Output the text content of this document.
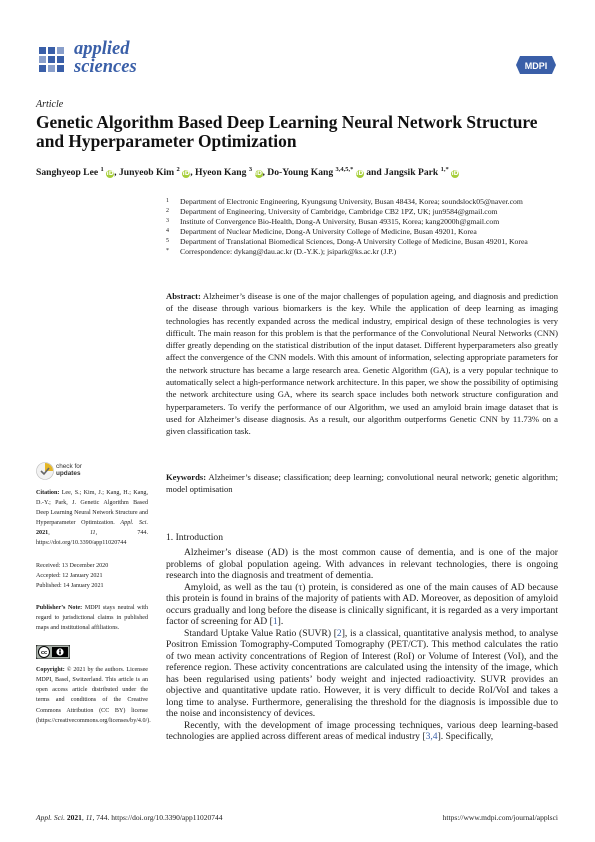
applied
sciences	MDPI
Article
Genetic Algorithm Based Deep Learning Neural Network Structure and Hyperparameter Optimization
Sanghyeop Lee $^1$ iD, Junyeob Kim $^2$ iD, Hyeon Kang $^3$ iD, Do-Young Kang $^{3,4,5,*}$ iD and Jangsik Park $^{1,*}$ iD
1	Department of Electronic Engineering, Kyungsung University, Busan 48434, Korea; soundslock05@naver.com
2	Department of Engineering, University of Cambridge, Cambridge CB2 1PZ, UK; jun9584@gmail.com
3	Institute of Convergence Bio-Health, Dong-A University, Busan 49315, Korea; kang2000h@gmail.com
4	Department of Nuclear Medicine, Dong-A University College of Medicine, Busan 49201, Korea
5	Department of Translational Biomedical Sciences, Dong-A University College of Medicine, Busan 49201, Korea
*	Correspondence: dykang@dau.ac.kr (D.-Y.K.); jsipark@ks.ac.kr (J.P.)
Abstract: Alzheimer’s disease is one of the major challenges of population ageing, and diagnosis and prediction of the disease through various biomarkers is the key. While the application of deep learning as imaging technologies has recently expanded across the medical industry, empirical design of these technologies is very difficult. The main reason for this problem is that the performance of the Convolutional Neural Networks (CNN) differ greatly depending on the statistical distribution of the input dataset. Different hyperparameters also greatly affect the convergence of the CNN models. With this amount of information, selecting appropriate parameters for the network structure has became a large research area. Genetic Algorithm (GA), is a very popular technique to automatically select a high-performance network architecture. In this paper, we show the possibility of optimising the network architecture using GA, where its search space includes both network structure configuration and hyperparameters. To verify the performance of our Algorithm, we used an amyloid brain image dataset that is used for Alzheimer’s disease diagnosis. As a result, our algorithm outperforms Genetic CNN by 11.73% on a given classification task.
Keywords: Alzheimer’s disease; classification; deep learning; convolutional neural network; genetic algorithm; model optimisation
check for
updates
Citation: Lee, S.; Kim, J.; Kang, H.; Kang, D.-Y.; Park, J. Genetic Algorithm Based Deep Learning Neural Network Structure and Hyperparameter Optimization. Appl. Sci. 2021, 11, 744. https://doi.org/10.3390/app11020744
Received: 13 December 2020
Accepted: 12 January 2021
Published: 14 January 2021
Publisher’s Note: MDPI stays neutral with regard to jurisdictional claims in published maps and institutional affiliations.
cc
Copyright: © 2021 by the authors. Licensee MDPI, Basel, Switzerland. This article is an open access article distributed under the terms and conditions of the Creative Commons Attribution (CC BY) license (https://creativecommons.org/licenses/by/4.0/).
1. Introduction

Alzheimer’s disease (AD) is the most common cause of dementia, and is one of the major problems of global population ageing. With advances in relevant technologies, there is ongoing research into the diagnosis and treatment of dementia.

Amyloid, as well as the tau (τ) protein, is considered as one of the main causes of AD because this protein is found in brains of the majority of patients with AD. Moreover, as deposition of amyloid occurs gradually and long before the disease is clinically significant, it is regarded as a very important factor of screening for AD [1].

Standard Uptake Value Ratio (SUVR) [2], is a classical, quantitative analysis method, to analyse Positron Emission Tomography-Computed Tomography (PET/CT). This method calculates the ratio of two mean activity concentrations of Region of Interest (RoI) or Volume of Interest (VoI), and the reference region. These activity concentrations are calculated using the intensity of the image, which has been regularised using patients’ body weight and injected radioactivity. SUVR provides an objective and quantitative update ratio. However, it is very difficult to decide RoI/VoI and takes a long time to analyse. Furthermore, generalising the threshold for the diagnosis is impossible due to the noise and inconsistency of devices.

Recently, with the development of image processing techniques, various deep learning-based technologies are applied across different areas of medical industry [3,4]. Specifically,

Appl. Sci. 2021, 11, 744. https://doi.org/10.3390/app11020744	https://www.mdpi.com/journal/applsci
